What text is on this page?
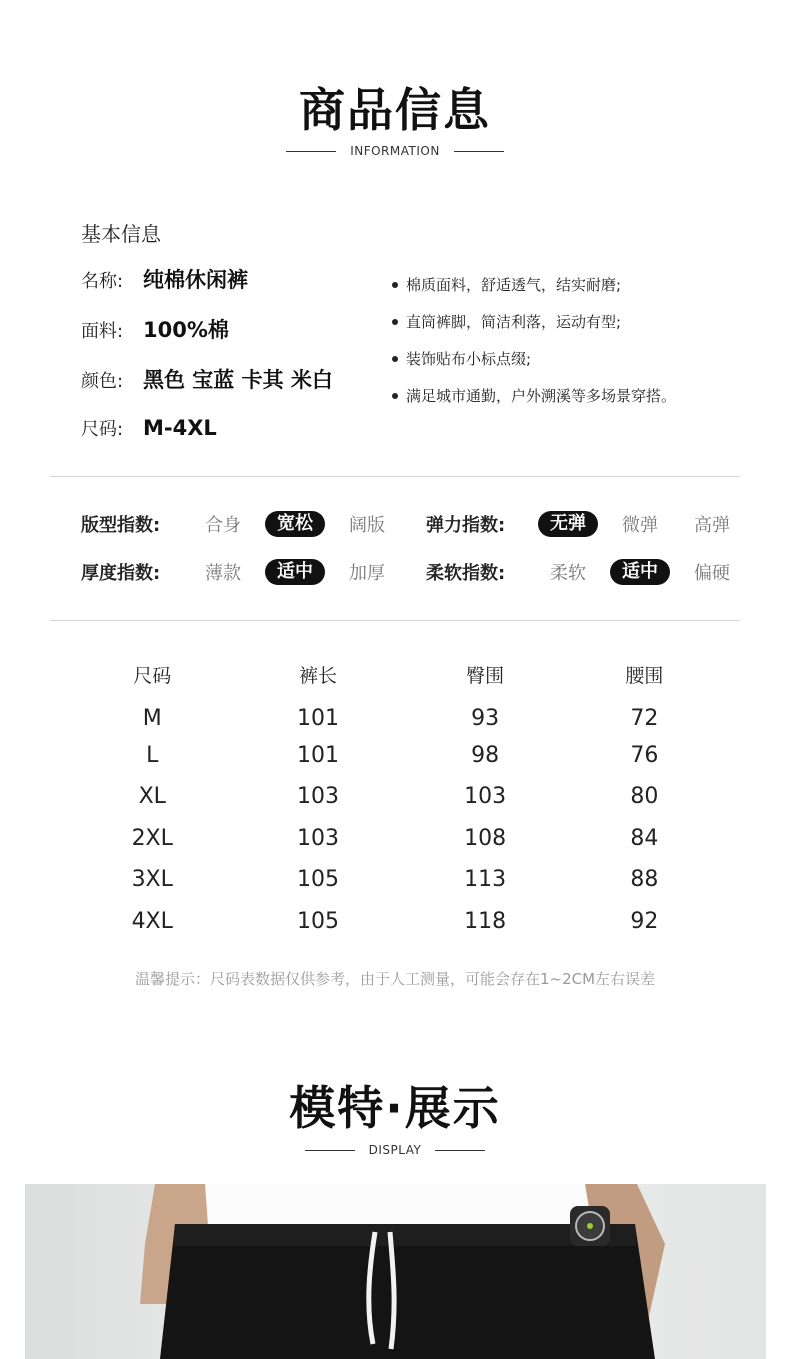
商品信息
INFORMATION
基本信息
名称: 纯棉休闲裤
面料: 100%棉
颜色: 黑色 宝蓝 卡其 米白
尺码: M-4XL
棉质面料，舒适透气，结实耐磨;
直筒裤脚，简洁利落，运动有型;
装饰贴布小标点缀;
满足城市通勤，户外溯溪等多场景穿搭。
版型指数:	合身	宽松	阔版	弹力指数:	无弹	微弹	高弹
厚度指数:	薄款	适中	加厚	柔软指数:	柔软	适中	偏硬
尺码	裤长	臀围	腰围
M	101	93	72
L	101	98	76
XL	103	103	80
2XL	103	108	84
3XL	105	113	88
4XL	105	118	92
温馨提示：尺码表数据仅供参考，由于人工测量，可能会存在1~2CM左右误差
模特·展示
DISPLAY
